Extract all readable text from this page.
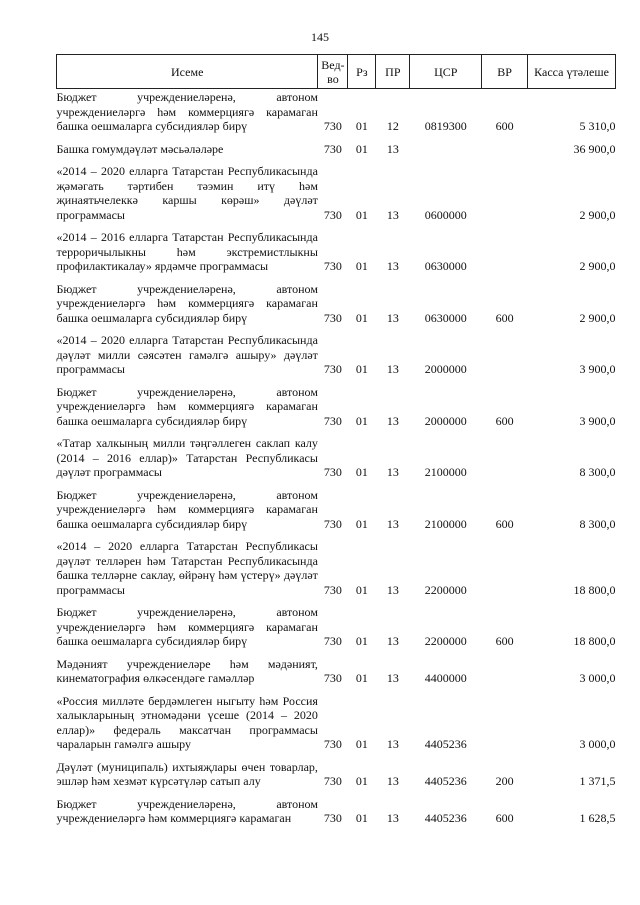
145
Исеме	Вед-во	Рз	ПР	ЦСР	ВР	Касса үтәлеше
Бюджет учреждениеләренә, автоном учреждениеләргә һәм коммерциягә карамаган башка оешмаларга субсидияләр бирү	730	01	12	0819300	600	5 310,0
Башка гомумдәүләт мәсьәләләре	730	01	13			36 900,0
«2014 – 2020 елларга Татарстан Республикасында җәмәгать тәртибен тәэмин итү һәм җинаятьчелеккә каршы көрәш» дәүләт программасы	730	01	13	0600000		2 900,0
«2014 – 2016 елларга Татарстан Республикасында терроричылыкны һәм экстремистлыкны профилактикалау» ярдәмче программасы	730	01	13	0630000		2 900,0
Бюджет учреждениеләренә, автоном учреждениеләргә һәм коммерциягә карамаган башка оешмаларга субсидияләр бирү	730	01	13	0630000	600	2 900,0
«2014 – 2020 елларга Татарстан Республикасында дәүләт милли сәясәтен гамәлгә ашыру» дәүләт программасы	730	01	13	2000000		3 900,0
Бюджет учреждениеләренә, автоном учреждениеләргә һәм коммерциягә карамаган башка оешмаларга субсидияләр бирү	730	01	13	2000000	600	3 900,0
«Татар халкының милли тәңгәллеген саклап калу (2014 – 2016 еллар)» Татарстан Республикасы дәүләт программасы	730	01	13	2100000		8 300,0
Бюджет учреждениеләренә, автоном учреждениеләргә һәм коммерциягә карамаган башка оешмаларга субсидияләр бирү	730	01	13	2100000	600	8 300,0
«2014 – 2020 елларга Татарстан Республикасы дәүләт телләрен һәм Татарстан Республикасында башка телләрне саклау, өйрәнү һәм үстерү» дәүләт программасы	730	01	13	2200000		18 800,0
Бюджет учреждениеләренә, автоном учреждениеләргә һәм коммерциягә карамаган башка оешмаларга субсидияләр бирү	730	01	13	2200000	600	18 800,0
Мәдәният учреждениеләре һәм мәдәният, кинематография өлкәсендәге гамәлләр	730	01	13	4400000		3 000,0
«Россия милләте бердәмлеген ныгыту һәм Россия халыкларының этномәдәни үсеше (2014 – 2020 еллар)» федераль максатчан программасы чараларын гамәлгә ашыру	730	01	13	4405236		3 000,0
Дәүләт (муниципаль) ихтыяҗлары өчен товарлар, эшләр һәм хезмәт күрсәтүләр сатып алу	730	01	13	4405236	200	1 371,5
Бюджет учреждениеләренә, автоном учреждениеләргә һәм коммерциягә карамаган	730	01	13	4405236	600	1 628,5
